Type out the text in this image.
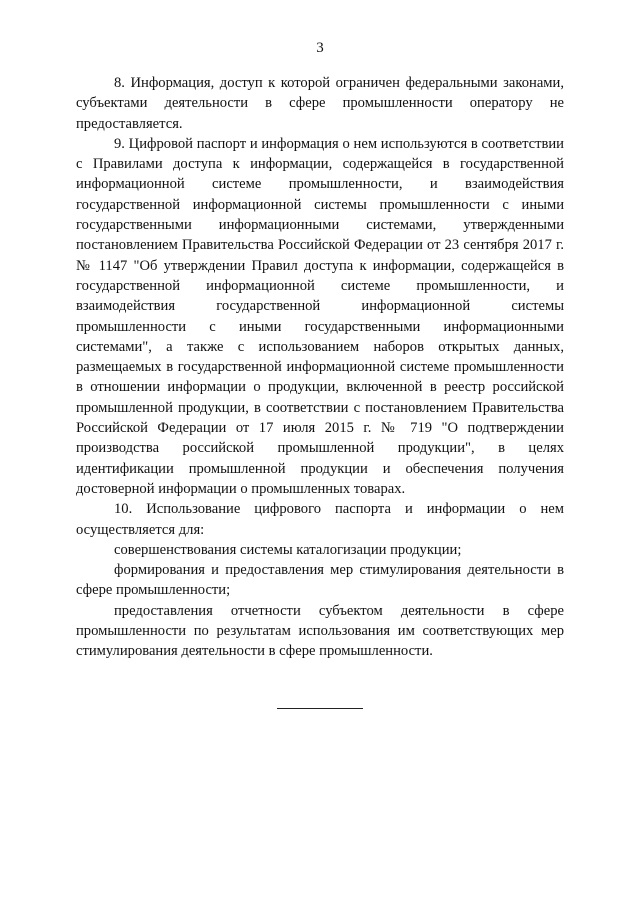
3

8. Информация, доступ к которой ограничен федеральными законами, субъектами деятельности в сфере промышленности оператору не предоставляется.

9. Цифровой паспорт и информация о нем используются в соответствии с Правилами доступа к информации, содержащейся в государственной информационной системе промышленности, и взаимодействия государственной информационной системы промышленности с иными государственными информационными системами, утвержденными постановлением Правительства Российской Федерации от 23 сентября 2017 г. № 1147 "Об утверждении Правил доступа к информации, содержащейся в государственной информационной системе промышленности, и взаимодействия государственной информационной системы промышленности с иными государственными информационными системами", а также с использованием наборов открытых данных, размещаемых в государственной информационной системе промышленности в отношении информации о продукции, включенной в реестр российской промышленной продукции, в соответствии с постановлением Правительства Российской Федерации от 17 июля 2015 г. № 719 "О подтверждении производства российской промышленной продукции", в целях идентификации промышленной продукции и обеспечения получения достоверной информации о промышленных товарах.

10. Использование цифрового паспорта и информации о нем осуществляется для:

совершенствования системы каталогизации продукции;

формирования и предоставления мер стимулирования деятельности в сфере промышленности;

предоставления отчетности субъектом деятельности в сфере промышленности по результатам использования им соответствующих мер стимулирования деятельности в сфере промышленности.
